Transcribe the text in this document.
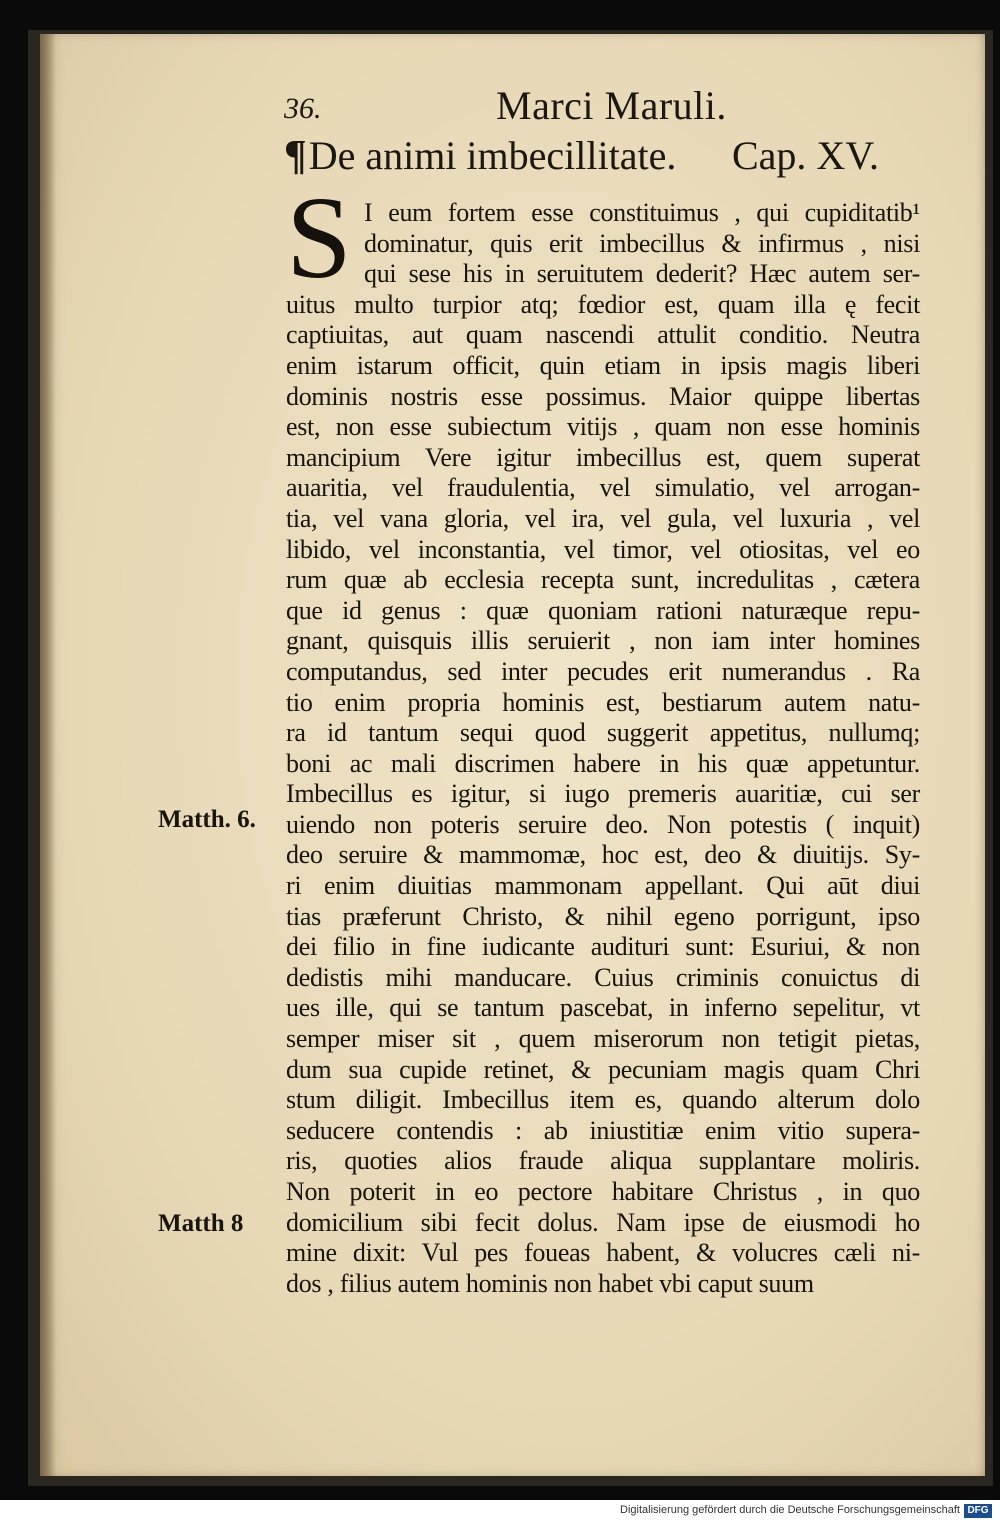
36.	Marci Maruli.
¶De animi imbecillitate. Cap. XV.
S I eum fortem esse constituimus , qui cupiditatib¹
dominatur, quis erit imbecillus & infirmus , nisi
qui sese his in seruitutem dederit? Hæc autem ser-
uitus multo turpior atq; fœdior est, quam illa ę fecit
captiuitas, aut quam nascendi attulit conditio. Neutra
enim istarum officit, quin etiam in ipsis magis liberi
dominis nostris esse possimus. Maior quippe libertas
est, non esse subiectum vitijs , quam non esse hominis
mancipium Vere igitur imbecillus est, quem superat
auaritia, vel fraudulentia, vel simulatio, vel arrogan-
tia, vel vana gloria, vel ira, vel gula, vel luxuria , vel
libido, vel inconstantia, vel timor, vel otiositas, vel eo
rum quæ ab ecclesia recepta sunt, incredulitas , cætera
que id genus : quæ quoniam rationi naturæque repu-
gnant, quisquis illis seruierit , non iam inter homines
computandus, sed inter pecudes erit numerandus . Ra
tio enim propria hominis est, bestiarum autem natu-
ra id tantum sequi quod suggerit appetitus, nullumq;
boni ac mali discrimen habere in his quæ appetuntur.
Imbecillus es igitur, si iugo premeris auaritiæ, cui ser
uiendo non poteris seruire deo. Non potestis ( inquit)
deo seruire & mammomæ, hoc est, deo & diuitijs. Sy-
ri enim diuitias mammonam appellant. Qui aūt diui
tias præferunt Christo, & nihil egeno porrigunt, ipso
dei filio in fine iudicante audituri sunt: Esuriui, & non
dedistis mihi manducare. Cuius criminis conuictus di
ues ille, qui se tantum pascebat, in inferno sepelitur, vt
semper miser sit , quem miserorum non tetigit pietas,
dum sua cupide retinet, & pecuniam magis quam Chri
stum diligit. Imbecillus item es, quando alterum dolo
seducere contendis : ab iniustitiæ enim vitio supera-
ris, quoties alios fraude aliqua supplantare moliris.
Non poterit in eo pectore habitare Christus , in quo
domicilium sibi fecit dolus. Nam ipse de eiusmodi ho
mine dixit: Vul pes foueas habent, & volucres cæli ni-
dos , filius autem hominis non habet vbi caput suum
Matth. 6.
Matth 8
Digitalisierung gefördert durch die Deutsche Forschungsgemeinschaft DFG
